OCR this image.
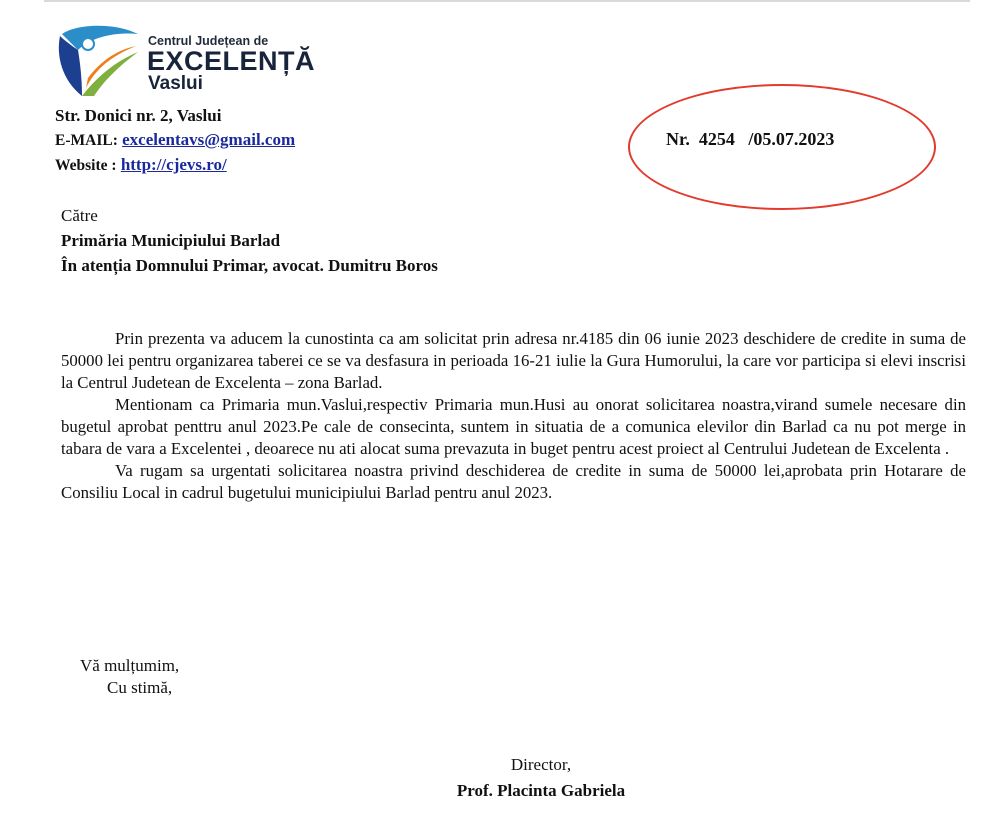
Centrul Județean de
EXCELENȚĂ
Vaslui
Str. Donici nr. 2, Vaslui
E-MAIL: excelentavs@gmail.com
Website : http://cjevs.ro/
Nr.  4254   /05.07.2023
Către
Primăria Municipiului Barlad
În atenția Domnului Primar, avocat. Dumitru Boros

Prin prezenta va aducem la cunostinta ca am solicitat prin adresa nr.4185 din 06 iunie 2023 deschidere de credite in suma de 50000 lei pentru organizarea taberei ce se va desfasura in perioada 16-21 iulie la Gura Humorului, la care vor participa si elevi inscrisi la Centrul Judetean de Excelenta – zona Barlad.

Mentionam ca Primaria mun.Vaslui,respectiv Primaria mun.Husi au onorat solicitarea noastra,virand sumele necesare din bugetul aprobat penttru anul 2023.Pe cale de consecinta, suntem in situatia de a comunica elevilor din Barlad ca nu pot merge in tabara de vara a Excelentei , deoarece nu ati alocat suma prevazuta in buget pentru acest proiect al Centrului Judetean de Excelenta .

Va rugam sa urgentati solicitarea noastra privind deschiderea de credite in suma de 50000 lei,aprobata prin Hotarare de Consiliu Local in cadrul bugetului municipiului Barlad pentru anul 2023.

Vă mulțumim,
Cu stimă,
Director,
Prof. Placinta Gabriela
